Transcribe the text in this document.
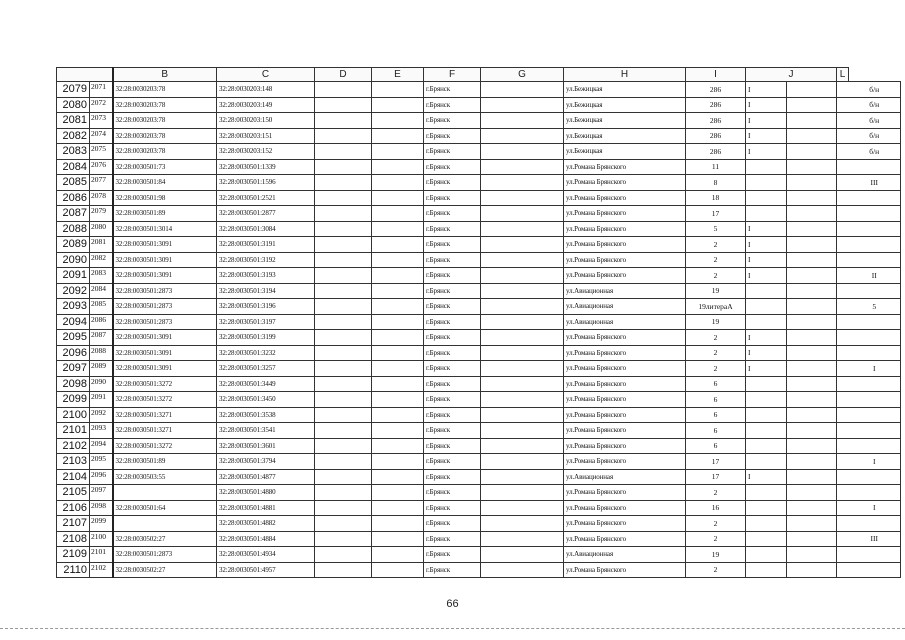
		B	C	D	E	F	G	H	I	J		L	
2079	2071	32:28:0030203:78	32:28:0030203:148			г.Брянск		ул.Бежицкая	286	I			б/н
2080	2072	32:28:0030203:78	32:28:0030203:149			г.Брянск		ул.Бежицкая	286	I			б/н
2081	2073	32:28:0030203:78	32:28:0030203:150			г.Брянск		ул.Бежицкая	286	I			б/н
2082	2074	32:28:0030203:78	32:28:0030203:151			г.Брянск		ул.Бежицкая	286	I			б/н
2083	2075	32:28:0030203:78	32:28:0030203:152			г.Брянск		ул.Бежицкая	286	I			б/н
2084	2076	32:28:0030501:73	32:28:0030501:1339			г.Брянск		ул.Романа Брянского	11				
2085	2077	32:28:0030501:84	32:28:0030501:1596			г.Брянск		ул.Романа Брянского	8				III
2086	2078	32:28:0030501:98	32:28:0030501:2521			г.Брянск		ул.Романа Брянского	18				
2087	2079	32:28:0030501:89	32:28:0030501:2877			г.Брянск		ул.Романа Брянского	17				
2088	2080	32:28:0030501:3014	32:28:0030501:3084			г.Брянск		ул.Романа Брянского	5	I			
2089	2081	32:28:0030501:3091	32:28:0030501:3191			г.Брянск		ул.Романа Брянского	2	I			
2090	2082	32:28:0030501:3091	32:28:0030501:3192			г.Брянск		ул.Романа Брянского	2	I			
2091	2083	32:28:0030501:3091	32:28:0030501:3193			г.Брянск		ул.Романа Брянского	2	I			II
2092	2084	32:28:0030501:2873	32:28:0030501:3194			г.Брянск		ул.Авиационная	19				
2093	2085	32:28:0030501:2873	32:28:0030501:3196			г.Брянск		ул.Авиационная	19литераА				5
2094	2086	32:28:0030501:2873	32:28:0030501:3197			г.Брянск		ул.Авиационная	19				
2095	2087	32:28:0030501:3091	32:28:0030501:3199			г.Брянск		ул.Романа Брянского	2	I			
2096	2088	32:28:0030501:3091	32:28:0030501:3232			г.Брянск		ул.Романа Брянского	2	I			
2097	2089	32:28:0030501:3091	32:28:0030501:3257			г.Брянск		ул.Романа Брянского	2	I			I
2098	2090	32:28:0030501:3272	32:28:0030501:3449			г.Брянск		ул.Романа Брянского	6				
2099	2091	32:28:0030501:3272	32:28:0030501:3450			г.Брянск		ул.Романа Брянского	6				
2100	2092	32:28:0030501:3271	32:28:0030501:3538			г.Брянск		ул.Романа Брянского	6				
2101	2093	32:28:0030501:3271	32:28:0030501:3541			г.Брянск		ул.Романа Брянского	6				
2102	2094	32:28:0030501:3272	32:28:0030501:3601			г.Брянск		ул.Романа Брянского	6				
2103	2095	32:28:0030501:89	32:28:0030501:3794			г.Брянск		ул.Романа Брянского	17				I
2104	2096	32:28:0030503:55	32:28:0030501:4877			г.Брянск		ул.Авиационная	17	I			
2105	2097		32:28:0030501:4880			г.Брянск		ул.Романа Брянского	2				
2106	2098	32:28:0030501:64	32:28:0030501:4881			г.Брянск		ул.Романа Брянского	16				I
2107	2099		32:28:0030501:4882			г.Брянск		ул.Романа Брянского	2				
2108	2100	32:28:0030502:27	32:28:0030501:4884			г.Брянск		ул.Романа Брянского	2				III
2109	2101	32:28:0030501:2873	32:28:0030501:4934			г.Брянск		ул.Авиационная	19				
2110	2102	32:28:0030502:27	32:28:0030501:4957			г.Брянск		ул.Романа Брянского	2				
66
